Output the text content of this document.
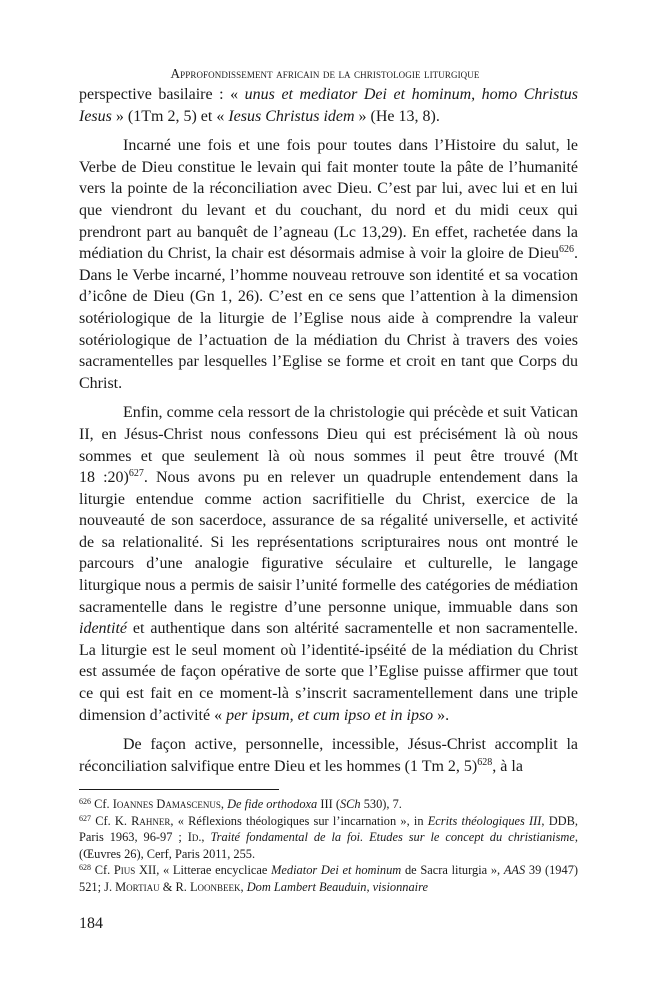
Approfondissement africain de la christologie liturgique

perspective basilaire : « unus et mediator Dei et hominum, homo Christus Iesus » (1Tm 2, 5) et « Iesus Christus idem » (He 13, 8).

Incarné une fois et une fois pour toutes dans l’Histoire du salut, le Verbe de Dieu constitue le levain qui fait monter toute la pâte de l’humanité vers la pointe de la réconciliation avec Dieu. C’est par lui, avec lui et en lui que viendront du levant et du couchant, du nord et du midi ceux qui prendront part au banquêt de l’agneau (Lc 13,29). En effet, rachetée dans la médiation du Christ, la chair est désormais admise à voir la gloire de Dieu$^{626}$. Dans le Verbe incarné, l’homme nouveau retrouve son identité et sa vocation d’icône de Dieu (Gn 1, 26). C’est en ce sens que l’attention à la dimension sotériologique de la liturgie de l’Eglise nous aide à comprendre la valeur sotériologique de l’actuation de la médiation du Christ à travers des voies sacramentelles par lesquelles l’Eglise se forme et croit en tant que Corps du Christ.

Enfin, comme cela ressort de la christologie qui précède et suit Vatican II, en Jésus-Christ nous confessons Dieu qui est précisément là où nous sommes et que seulement là où nous sommes il peut être trouvé (Mt 18 :20)$^{627}$. Nous avons pu en relever un quadruple entendement dans la liturgie entendue comme action sacrifitielle du Christ, exercice de la nouveauté de son sacerdoce, assurance de sa régalité universelle, et activité de sa relationalité. Si les représentations scripturaires nous ont montré le parcours d’une analogie figurative séculaire et culturelle, le langage liturgique nous a permis de saisir l’unité formelle des catégories de médiation sacramentelle dans le registre d’une personne unique, immuable dans son identité et authentique dans son altérité sacramentelle et non sacramentelle. La liturgie est le seul moment où l’identité-ipséité de la médiation du Christ est assumée de façon opérative de sorte que l’Eglise puisse affirmer que tout ce qui est fait en ce moment-là s’inscrit sacramentellement dans une triple dimension d’activité « per ipsum, et cum ipso et in ipso ».

De façon active, personnelle, incessible, Jésus-Christ accomplit la réconciliation salvifique entre Dieu et les hommes (1 Tm 2, 5)$^{628}$, à la

$^{626}$ Cf. Ioannes Damascenus, De fide orthodoxa III (SCh 530), 7.

$^{627}$ Cf. K. Rahner, « Réflexions théologiques sur l’incarnation », in Ecrits théologiques III, DDB, Paris 1963, 96-97 ; Id., Traité fondamental de la foi. Etudes sur le concept du christianisme, (Œuvres 26), Cerf, Paris 2011, 255.

$^{628}$ Cf. Pius XII, « Litterae encyclicae Mediator Dei et hominum de Sacra liturgia », AAS 39 (1947) 521; J. Mortiau & R. Loonbeek, Dom Lambert Beauduin, visionnaire

184
